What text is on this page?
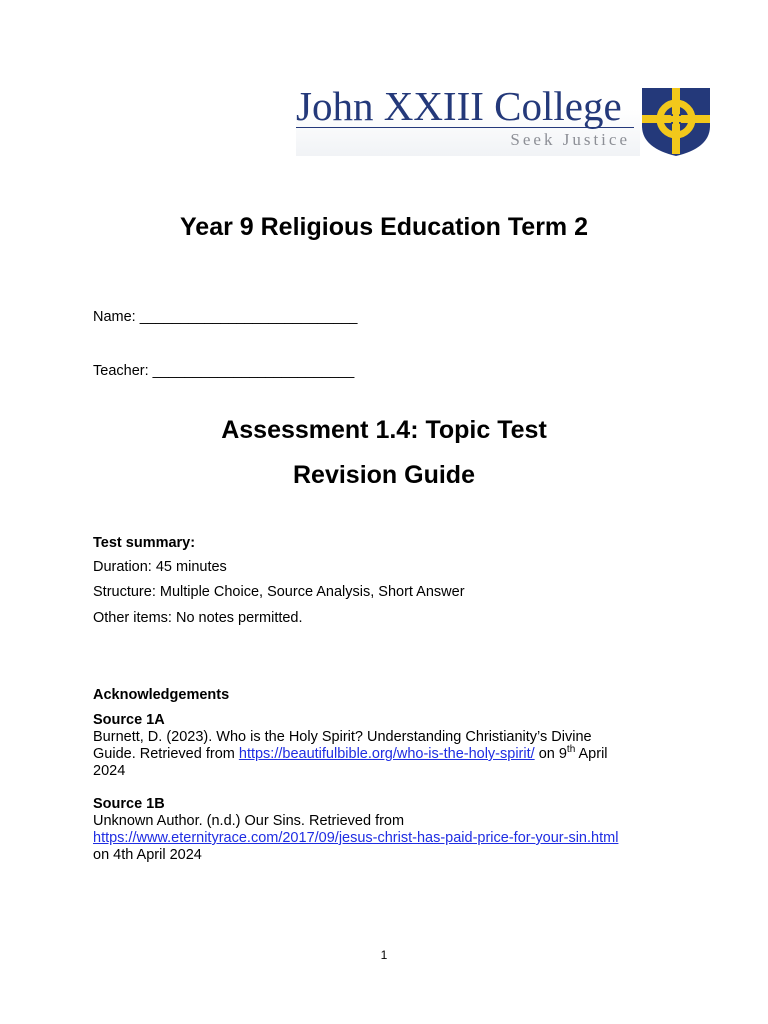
John XXIII College
Seek Justice
Year 9 Religious Education Term 2
Name: ___________________________
Teacher: _________________________
Assessment 1.4: Topic Test
Revision Guide
Test summary:
Duration: 45 minutes
Structure: Multiple Choice, Source Analysis, Short Answer
Other items: No notes permitted.
Acknowledgements
Source 1A
Burnett, D. (2023). Who is the Holy Spirit? Understanding Christianity’s Divine
Guide. Retrieved from https://beautifulbible.org/who-is-the-holy-spirit/ on 9th April
2024
Source 1B
Unknown Author. (n.d.) Our Sins. Retrieved from
https://www.eternityrace.com/2017/09/jesus-christ-has-paid-price-for-your-sin.html
on 4th April 2024
1
